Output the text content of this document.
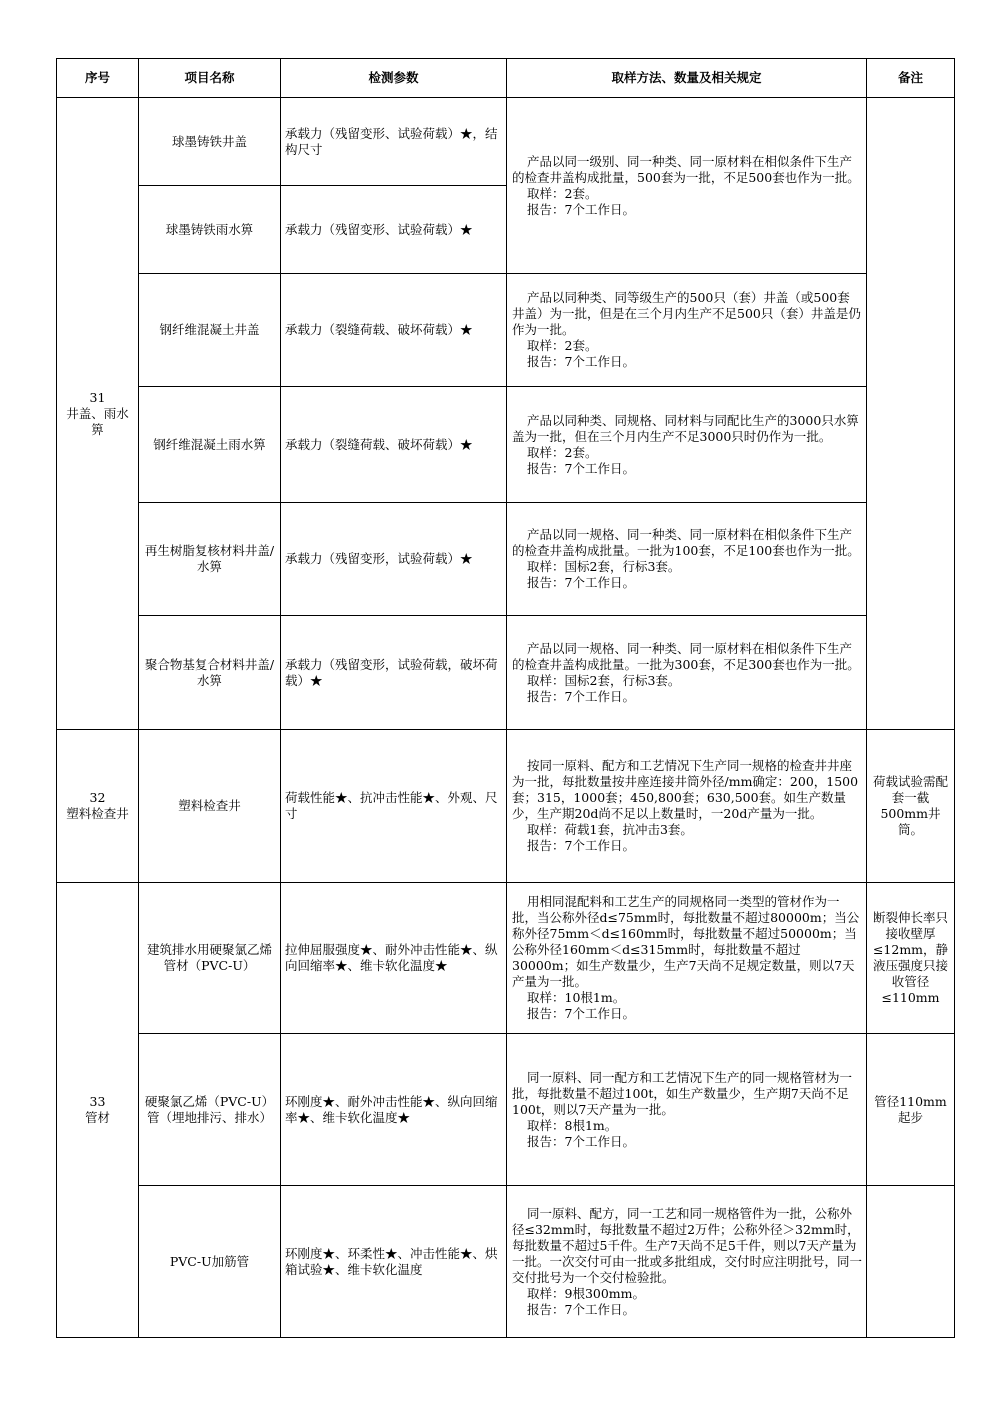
序号	项目名称	检测参数	取样方法、数量及相关规定	备注

31
井盖、雨水箅	球墨铸铁井盖	承载力（残留变形、试验荷载）★，结构尺寸	产品以同一级别、同一种类、同一原材料在相似条件下生产的检查井盖构成批量，500套为一批，不足500套也作为一批。
取样：2套。
报告：7个工作日。	

	球墨铸铁雨水箅	承载力（残留变形、试验荷载）★		
	钢纤维混凝土井盖	承载力（裂缝荷载、破坏荷载）★	产品以同种类、同等级生产的500只（套）井盖（或500套井盖）为一批，但是在三个月内生产不足500只（套）井盖是仍作为一批。
取样：2套。
报告：7个工作日。	

	钢纤维混凝土雨水箅	承载力（裂缝荷载、破坏荷载）★	产品以同种类、同规格、同材料与同配比生产的3000只水箅盖为一批，但在三个月内生产不足3000只时仍作为一批。
取样：2套。
报告：7个工作日。	

	再生树脂复核材料井盖/水箅	承载力（残留变形，试验荷载）★	产品以同一规格、同一种类、同一原材料在相似条件下生产的检查井盖构成批量。一批为100套，不足100套也作为一批。
取样：国标2套，行标3套。
报告：7个工作日。	

	聚合物基复合材料井盖/水箅	承载力（残留变形，试验荷载，破坏荷载）★	产品以同一规格、同一种类、同一原材料在相似条件下生产的检查井盖构成批量。一批为300套，不足300套也作为一批。
取样：国标2套，行标3套。
报告：7个工作日。	

32
塑料检查井	塑料检查井	荷载性能★、抗冲击性能★、外观、尺寸	按同一原料、配方和工艺情况下生产同一规格的检查井井座为一批，每批数量按井座连接井筒外径/mm确定：200，1500套；315，1000套；450,800套；630,500套。如生产数量少，生产期20d尚不足以上数量时，一20d产量为一批。
取样：荷载1套，抗冲击3套。
报告：7个工作日。	荷载试验需配套一截500mm井筒。

33
管材	建筑排水用硬聚氯乙烯管材（PVC-U）	拉伸屈服强度★、耐外冲击性能★、纵向回缩率★、维卡软化温度★	用相同混配料和工艺生产的同规格同一类型的管材作为一批，当公称外径d≤75mm时，每批数量不超过80000m；当公称外径75mm＜d≤160mm时，每批数量不超过50000m；当公称外径160mm＜d≤315mm时，每批数量不超过30000m；如生产数量少，生产7天尚不足规定数量，则以7天产量为一批。
取样：10根1m。
报告：7个工作日。	断裂伸长率只接收壁厚≤12mm，静液压强度只接收管径≤110mm
	硬聚氯乙烯（PVC-U）管（埋地排污、排水）	环刚度★、耐外冲击性能★、纵向回缩率★、维卡软化温度★	同一原料、同一配方和工艺情况下生产的同一规格管材为一批，每批数量不超过100t，如生产数量少，生产期7天尚不足100t，则以7天产量为一批。
取样：8根1m。
报告：7个工作日。	管径110mm起步
	PVC-U加筋管	环刚度★、环柔性★、冲击性能★、烘箱试验★、维卡软化温度	同一原料、配方，同一工艺和同一规格管件为一批，公称外径≤32mm时，每批数量不超过2万件；公称外径＞32mm时，每批数量不超过5千件。生产7天尚不足5千件，则以7天产量为一批。一次交付可由一批或多批组成，交付时应注明批号，同一交付批号为一个交付检验批。
取样：9根300mm。
报告：7个工作日。	
